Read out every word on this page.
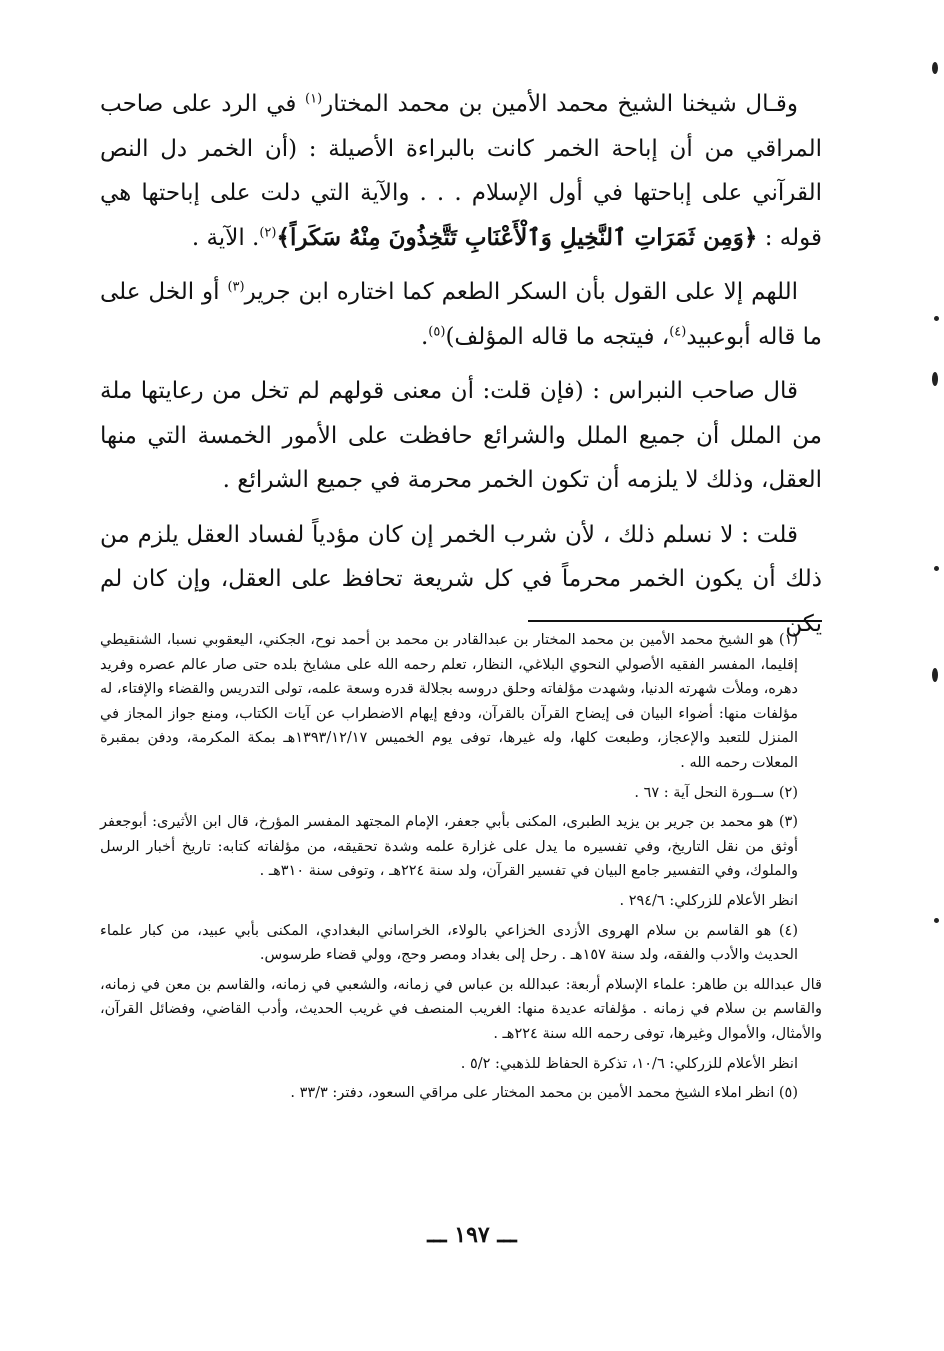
وقـال شيخنا الشيخ محمد الأمين بن محمد المختار$^{(١)}$ في الرد على صاحب المراقي من أن إباحة الخمر كانت بالبراءة الأصيلة : (أن الخمر دل النص القرآني على إباحتها في أول الإسلام . . . والآية التي دلت على إباحتها هي قوله : ﴿وَمِن ثَمَرَاتِ ٱلنَّخِيلِ وَٱلْأَعْنَابِ تَتَّخِذُونَ مِنْهُ سَكَراً﴾$^{(٢)}$. الآية .

اللهم إلا على القول بأن السكر الطعم كما اختاره ابن جرير$^{(٣)}$ أو الخل على ما قاله أبوعبيد$^{(٤)}$، فيتجه ما قاله المؤلف)$^{(٥)}$.

قال صاحب النبراس : (فإن قلت: أن معنى قولهم لم تخل من رعايتها ملة من الملل أن جميع الملل والشرائع حافظت على الأمور الخمسة التي منها العقل، وذلك لا يلزمه أن تكون الخمر محرمة في جميع الشرائع .

قلت : لا نسلم ذلك ، لأن شرب الخمر إن كان مؤدياً لفساد العقل يلزم من ذلك أن يكون الخمر محرماً في كل شريعة تحافظ على العقل، وإن كان لم يكن

(١) هو الشيخ محمد الأمين بن محمد المختار بن عبدالقادر بن محمد بن أحمد نوح، الجكني، اليعقوبي نسبا، الشنقيطي إقليما، المفسر الفقيه الأصولي النحوي البلاغي، النظار، تعلم رحمه الله على مشايخ بلده حتى صار عالم عصره وفريد دهره، وملأت شهرته الدنيا، وشهدت مؤلفاته وحلق دروسه بجلالة قدره وسعة علمه، تولى التدريس والقضاء والإفتاء، له مؤلفات منها: أضواء البيان فى إيضاح القرآن بالقرآن، ودفع إيهام الاضطراب عن آيات الكتاب، ومنع جواز المجاز في المنزل للتعبد والإعجاز، وطبعت كلها، وله غيرها، توفى يوم الخميس ١٣٩٣/١٢/١٧هـ بمكة المكرمة، ودفن بمقبرة المعلات رحمه الله .

(٢) ســورة النحل آية : ٦٧ .

(٣) هو محمد بن جرير بن يزيد الطبرى، المكنى بأبي جعفر، الإمام المجتهد المفسر المؤرخ، قال ابن الأثيرى: أبوجعفر أوثق من نقل التاريخ، وفي تفسيره ما يدل على غزارة علمه وشدة تحقيقه، من مؤلفاته كتابه: تاريخ أخبار الرسل والملوك، وفي التفسير جامع البيان في تفسير القرآن، ولد سنة ٢٢٤هـ ، وتوفى سنة ٣١٠هـ .

انظر الأعلام للزركلي: ٢٩٤/٦ .

(٤) هو القاسم بن سلام الهروى الأزدى الخزاعي بالولاء، الخراساني البغدادي، المكنى بأبي عبيد، من كبار علماء الحديث والأدب والفقه، ولد سنة ١٥٧هـ . رحل إلى بغداد ومصر وحج، وولي قضاء طرسوس.

قال عبدالله بن طاهر: علماء الإسلام أربعة: عبدالله بن عباس في زمانه، والشعبي في زمانه، والقاسم بن معن في زمانه، والقاسم بن سلام في زمانه . مؤلفاته عديدة منها: الغريب المنصف في غريب الحديث، وأدب القاضي، وفضائل القرآن، والأمثال، والأموال وغيرها، توفى رحمه الله سنة ٢٢٤هـ .

انظر الأعلام للزركلي: ١٠/٦، تذكرة الحفاظ للذهبي: ٥/٢ .

(٥) انظر املاء الشيخ محمد الأمين بن محمد المختار على مراقي السعود، دفتر: ٣٣/٣ .

ـــ ١٩٧ ـــ
